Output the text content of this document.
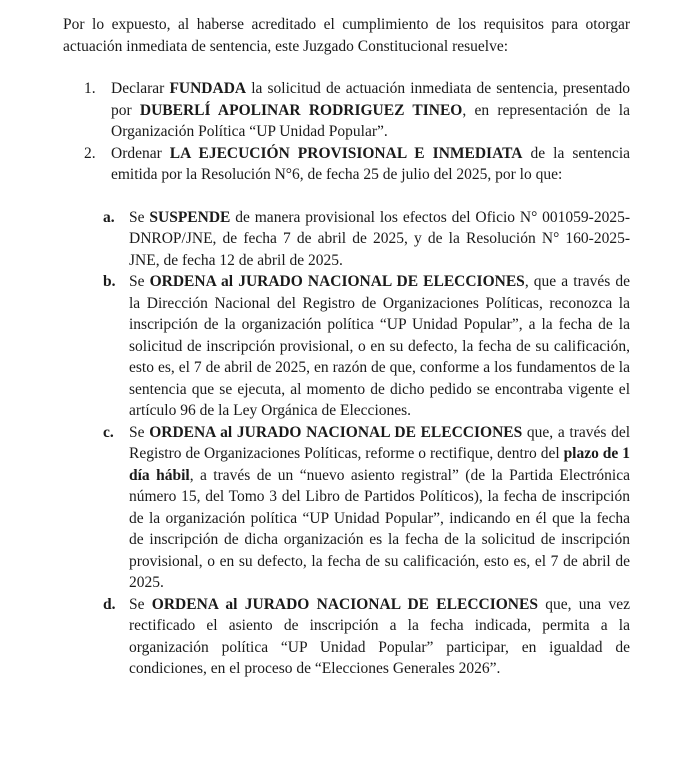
Por lo expuesto, al haberse acreditado el cumplimiento de los requisitos para otorgar actuación inmediata de sentencia, este Juzgado Constitucional resuelve:

1. Declarar FUNDADA la solicitud de actuación inmediata de sentencia, presentado por DUBERLÍ APOLINAR RODRIGUEZ TINEO, en representación de la Organización Política “UP Unidad Popular”.
2. Ordenar LA EJECUCIÓN PROVISIONAL E INMEDIATA de la sentencia emitida por la Resolución N°6, de fecha 25 de julio del 2025, por lo que:
a. Se SUSPENDE de manera provisional los efectos del Oficio N° 001059-2025-DNROP/JNE, de fecha 7 de abril de 2025, y de la Resolución N° 160-2025-JNE, de fecha 12 de abril de 2025.
b. Se ORDENA al JURADO NACIONAL DE ELECCIONES, que a través de la Dirección Nacional del Registro de Organizaciones Políticas, reconozca la inscripción de la organización política “UP Unidad Popular”, a la fecha de la solicitud de inscripción provisional, o en su defecto, la fecha de su calificación, esto es, el 7 de abril de 2025, en razón de que, conforme a los fundamentos de la sentencia que se ejecuta, al momento de dicho pedido se encontraba vigente el artículo 96 de la Ley Orgánica de Elecciones.
c. Se ORDENA al JURADO NACIONAL DE ELECCIONES que, a través del Registro de Organizaciones Políticas, reforme o rectifique, dentro del plazo de 1 día hábil, a través de un “nuevo asiento registral” (de la Partida Electrónica número 15, del Tomo 3 del Libro de Partidos Políticos), la fecha de inscripción de la organización política “UP Unidad Popular”, indicando en él que la fecha de inscripción de dicha organización es la fecha de la solicitud de inscripción provisional, o en su defecto, la fecha de su calificación, esto es, el 7 de abril de 2025.
d. Se ORDENA al JURADO NACIONAL DE ELECCIONES que, una vez rectificado el asiento de inscripción a la fecha indicada, permita a la organización política “UP Unidad Popular” participar, en igualdad de condiciones, en el proceso de “Elecciones Generales 2026”.
